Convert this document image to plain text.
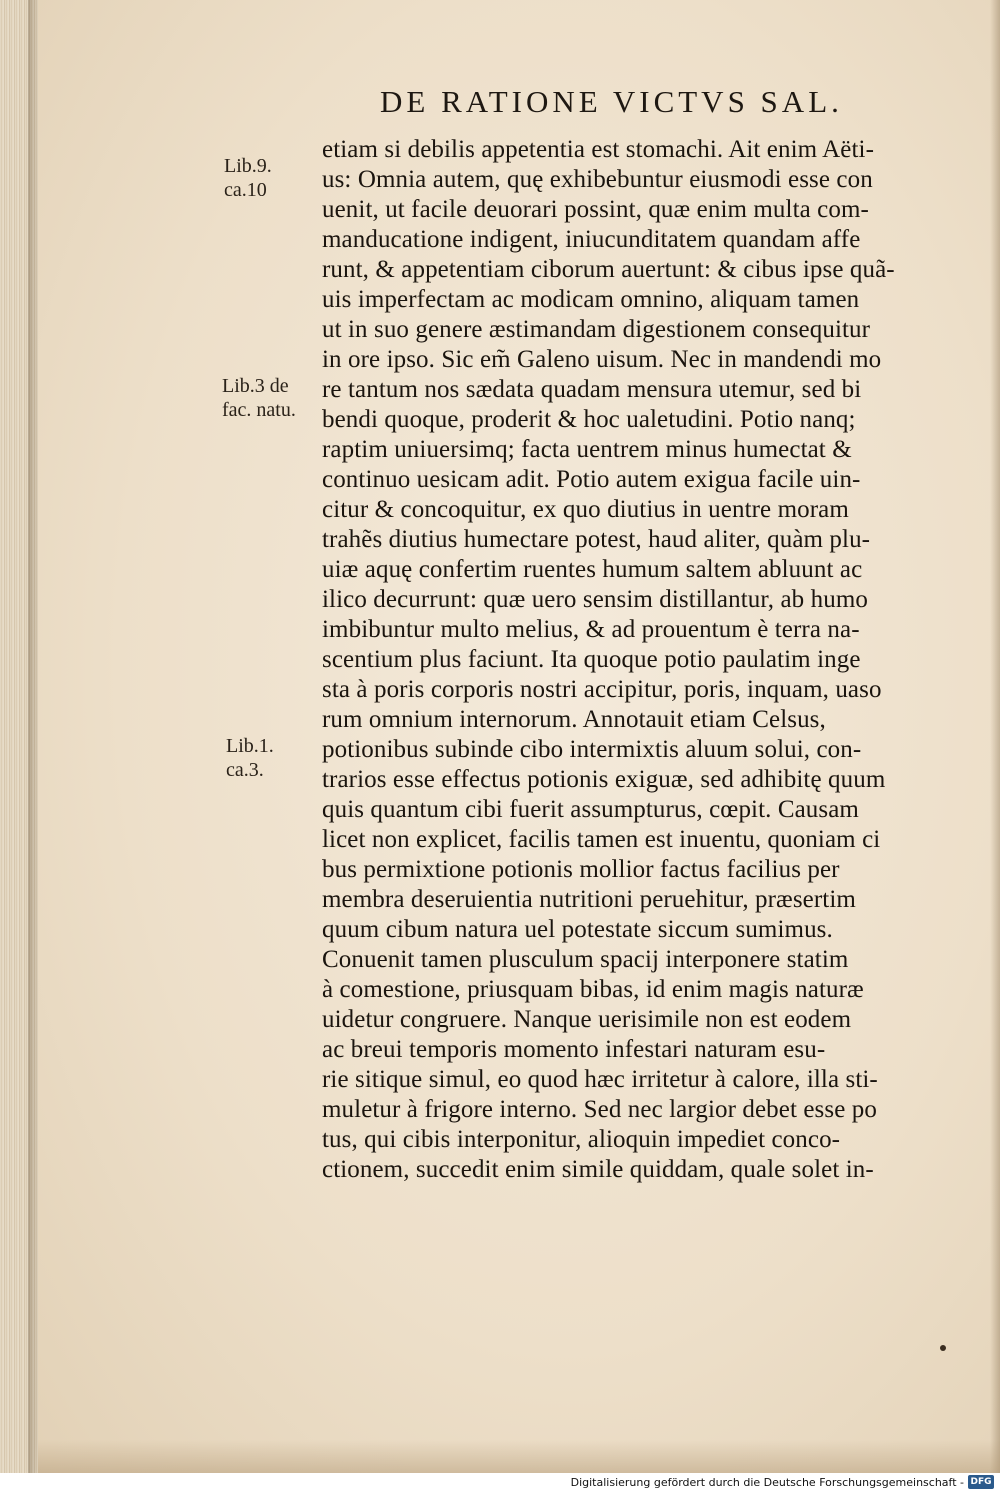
DE RATIONE VICTVS SAL.
Lib.9.
ca.10
Lib.3 de
fac. natu.
Lib.1.
ca.3.
etiam si debilis appetentia est stomachi. Ait enim Aëti-
us: Omnia autem, quę exhibebuntur eiusmodi esse con
uenit, ut facile deuorari possint, quæ enim multa com-
manducatione indigent, iniucunditatem quandam affe
runt, & appetentiam ciborum auertunt: & cibus ipse quã-
uis imperfectam ac modicam omnino, aliquam tamen
ut in suo genere æstimandam digestionem consequitur
in ore ipso. Sic em̃ Galeno uisum. Nec in mandendi mo
re tantum nos sædata quadam mensura utemur, sed bi
bendi quoque, proderit & hoc ualetudini. Potio nanq;
raptim uniuersimq; facta uentrem minus humectat &
continuo uesicam adit. Potio autem exigua facile uin-
citur & concoquitur, ex quo diutius in uentre moram
trahẽs diutius humectare potest, haud aliter, quàm plu-
uiæ aquę confertim ruentes humum saltem abluunt ac
ilico decurrunt: quæ uero sensim distillantur, ab humo
imbibuntur multo melius, & ad prouentum è terra na-
scentium plus faciunt. Ita quoque potio paulatim inge
sta à poris corporis nostri accipitur, poris, inquam, uaso
rum omnium internorum. Annotauit etiam Celsus,
potionibus subinde cibo intermixtis aluum solui, con-
trarios esse effectus potionis exiguæ, sed adhibitę quum
quis quantum cibi fuerit assumpturus, cœpit. Causam
licet non explicet, facilis tamen est inuentu, quoniam ci
bus permixtione potionis mollior factus facilius per
membra deseruientia nutritioni peruehitur, præsertim
quum cibum natura uel potestate siccum sumimus.
Conuenit tamen plusculum spacij interponere statim
à comestione, priusquam bibas, id enim magis naturæ
uidetur congruere. Nanque uerisimile non est eodem
ac breui temporis momento infestari naturam esu-
rie sitique simul, eo quod hæc irritetur à calore, illa sti-
muletur à frigore interno. Sed nec largior debet esse po
tus, qui cibis interponitur, alioquin impediet conco-
ctionem, succedit enim simile quiddam, quale solet in-
Digitalisierung gefördert durch die Deutsche Forschungsgemeinschaft - DFG
